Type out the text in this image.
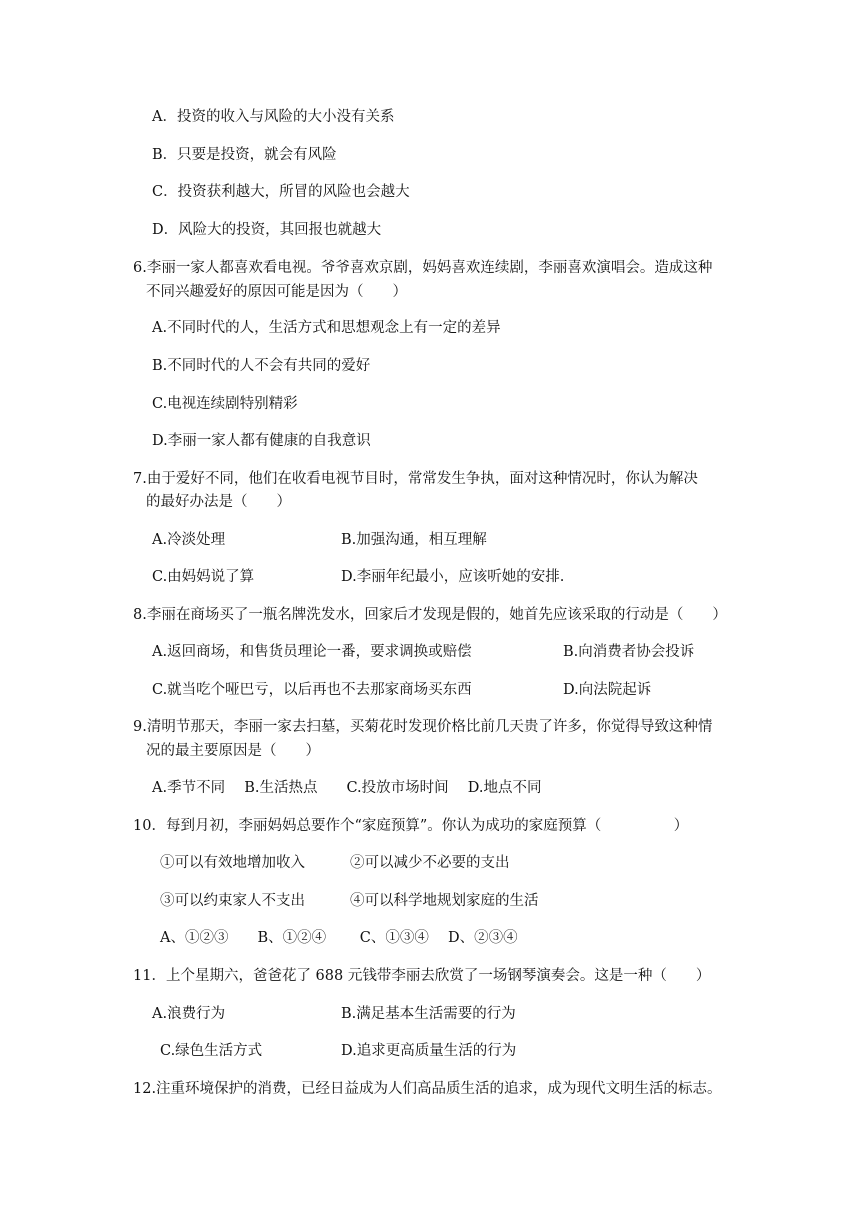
A．投资的收入与风险的大小没有关系
B．只要是投资，就会有风险
C．投资获利越大，所冒的风险也会越大
D．风险大的投资，其回报也就越大
6.李丽一家人都喜欢看电视。爷爷喜欢京剧，妈妈喜欢连续剧，李丽喜欢演唱会。造成这种
不同兴趣爱好的原因可能是因为（　　）
A.不同时代的人，生活方式和思想观念上有一定的差异
B.不同时代的人不会有共同的爱好
C.电视连续剧特别精彩
D.李丽一家人都有健康的自我意识
7.由于爱好不同，他们在收看电视节目时，常常发生争执，面对这种情况时，你认为解决
的最好办法是（　　）
A.冷淡处理	B.加强沟通，相互理解
C.由妈妈说了算	D.李丽年纪最小，应该听她的安排.
8.李丽在商场买了一瓶名牌洗发水，回家后才发现是假的，她首先应该采取的行动是（　　）
A.返回商场，和售货员理论一番，要求调换或赔偿	B.向消费者协会投诉
C.就当吃个哑巴亏，以后再也不去那家商场买东西	D.向法院起诉
9.清明节那天，李丽一家去扫墓，买菊花时发现价格比前几天贵了许多，你觉得导致这种情
况的最主要原因是（　　）
A.季节不同　 B.生活热点　　C.投放市场时间　 D.地点不同
10．每到月初，李丽妈妈总要作个“家庭预算”。你认为成功的家庭预算（　　　　　）
①可以有效地增加收入	②可以减少不必要的支出
③可以约束家人不支出	④可以科学地规划家庭的生活
A、①②③　　B、①②④　　 C、①③④　 D、②③④
11．上个星期六，爸爸花了 688 元钱带李丽去欣赏了一场钢琴演奏会。这是一种（　　）
A.浪费行为	B.满足基本生活需要的行为
C.绿色生活方式	D.追求更高质量生活的行为
12.注重环境保护的消费，已经日益成为人们高品质生活的追求，成为现代文明生活的标志。
